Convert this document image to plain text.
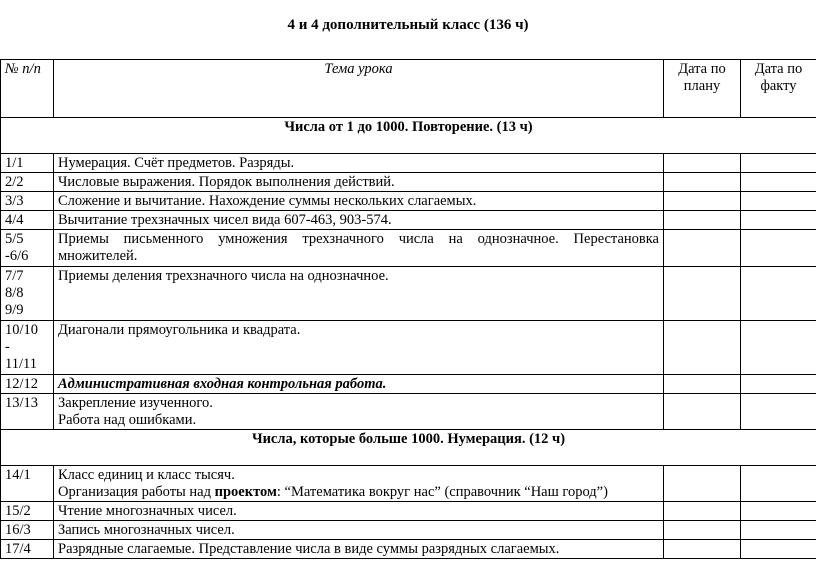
4 и 4 дополнительный класс (136 ч)
№ п/п	Тема урока	Дата по плану	Дата по факту
Числа от 1 до 1000. Повторение. (13 ч)			
1/1	Нумерация. Счёт предметов. Разряды.		
2/2	Числовые выражения. Порядок выполнения действий.		
3/3	Сложение и вычитание. Нахождение суммы нескольких слагаемых.		
4/4	Вычитание трехзначных чисел вида 607-463, 903-574.		
5/5 -6/6	Приемы письменного умножения трехзначного числа на однозначное. Перестановка множителей.		
7/7 8/8 9/9	Приемы деления трехзначного числа на однозначное.		
10/10 - 11/11	Диагонали прямоугольника и квадрата.		
12/12	Административная входная контрольная работа.		
13/13	Закрепление изученного.
Работа над ошибками.		

Числа, которые больше 1000. Нумерация. (12 ч)			
14/1	Класс единиц и класс тысяч.
Организация работы над проектом: “Математика вокруг нас” (справочник “Наш город”)		

15/2	Чтение многозначных чисел.		
16/3	Запись многозначных чисел.		
17/4	Разрядные слагаемые. Представление числа в виде суммы разрядных слагаемых.		
